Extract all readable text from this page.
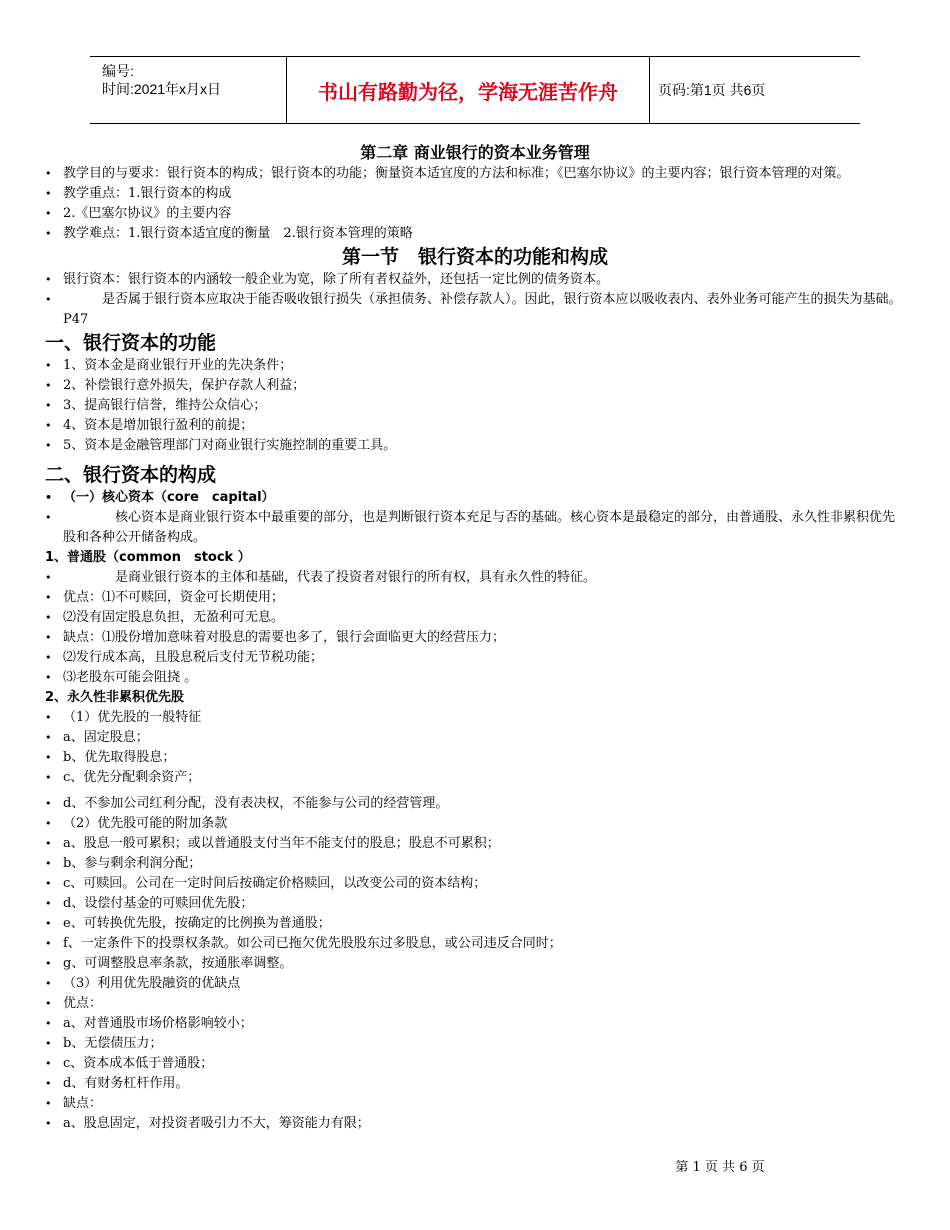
编号:
时间:2021年x月x日	书山有路勤为径，学海无涯苦作舟	页码:第1页 共6页
第二章 商业银行的资本业务管理
• 教学目的与要求：银行资本的构成；银行资本的功能；衡量资本适宜度的方法和标准；《巴塞尔协议》的主要内容；银行资本管理的对策。
• 教学重点：1.银行资本的构成
• 2.《巴塞尔协议》的主要内容
• 教学难点：1.银行资本适宜度的衡量　2.银行资本管理的策略
第一节　银行资本的功能和构成
• 银行资本：银行资本的内涵较一般企业为宽，除了所有者权益外，还包括一定比例的债务资本。
• 　　　是否属于银行资本应取决于能否吸收银行损失（承担债务、补偿存款人）。因此，银行资本应以吸收表内、表外业务可能产生的损失为基础。P47
一、银行资本的功能
• 1、资本金是商业银行开业的先决条件；
• 2、补偿银行意外损失，保护存款人利益；
• 3、提高银行信誉，维持公众信心；
• 4、资本是增加银行盈利的前提；
• 5、资本是金融管理部门对商业银行实施控制的重要工具。
二、银行资本的构成
• （一）核心资本（core　capital）
• 　　　　核心资本是商业银行资本中最重要的部分，也是判断银行资本充足与否的基础。核心资本是最稳定的部分，由普通股、永久性非累积优先股和各种公开储备构成。
1、普通股（common　stock ）
• 　　　　是商业银行资本的主体和基础，代表了投资者对银行的所有权，具有永久性的特征。
• 优点：⑴不可赎回，资金可长期使用；
• ⑵没有固定股息负担，无盈利可无息。
• 缺点：⑴股份增加意味着对股息的需要也多了，银行会面临更大的经营压力；
• ⑵发行成本高，且股息税后支付无节税功能；
• ⑶老股东可能会阻挠 。
2、永久性非累积优先股
• （1）优先股的一般特征
• a、固定股息；
• b、优先取得股息；
• c、优先分配剩余资产；
• d、不参加公司红利分配，没有表决权，不能参与公司的经营管理。
• （2）优先股可能的附加条款
• a、股息一般可累积；或以普通股支付当年不能支付的股息；股息不可累积；
• b、参与剩余利润分配；
• c、可赎回。公司在一定时间后按确定价格赎回，以改变公司的资本结构；
• d、设偿付基金的可赎回优先股；
• e、可转换优先股，按确定的比例换为普通股；
• f、一定条件下的投票权条款。如公司已拖欠优先股股东过多股息，或公司违反合同时；
• g、可调整股息率条款，按通胀率调整。
• （3）利用优先股融资的优缺点
• 优点：
• a、对普通股市场价格影响较小；
• b、无偿债压力；
• c、资本成本低于普通股；
• d、有财务杠杆作用。
• 缺点：
• a、股息固定，对投资者吸引力不大，筹资能力有限；
第 1 页 共 6 页
